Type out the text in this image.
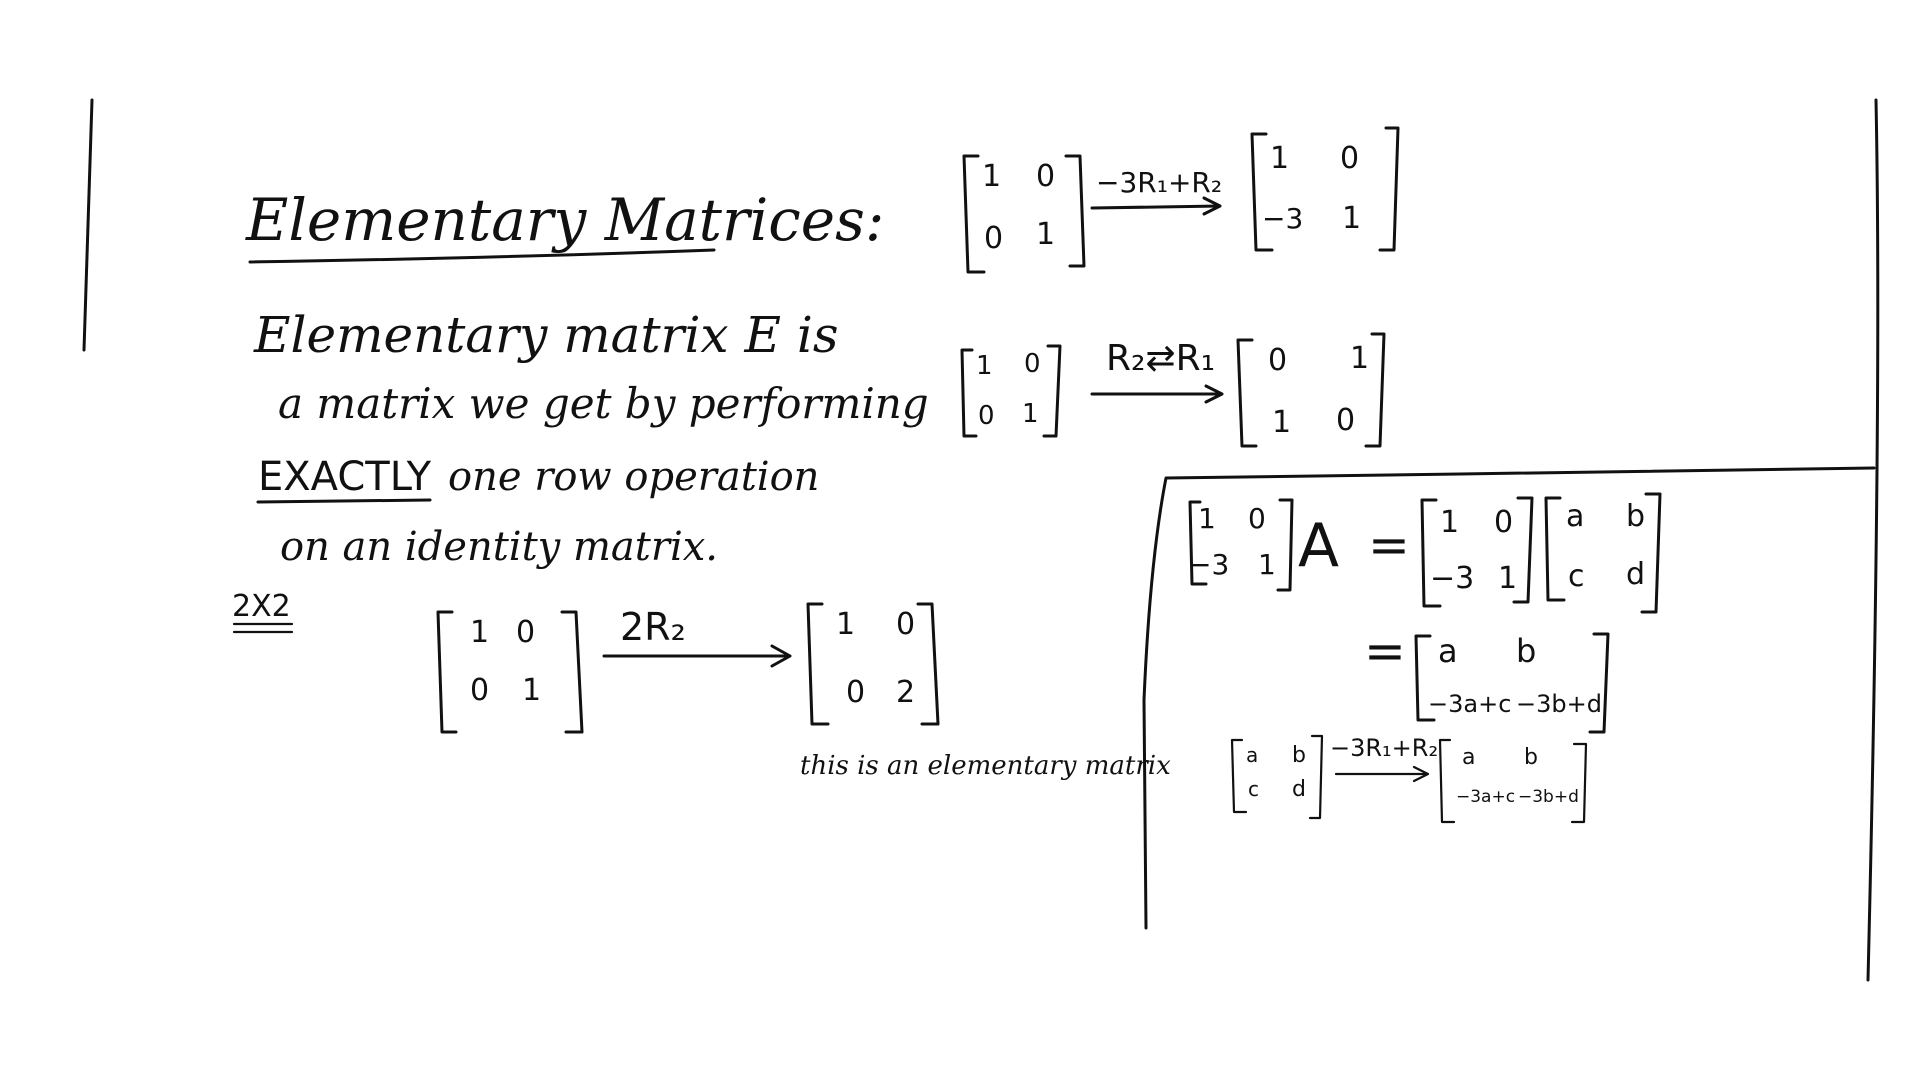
Elementary Matrices:
Elementary matrix E is
a matrix we get by performing
EXACTLY one row operation
on an identity matrix.
2X2
1 0
0 1
2R₂	1 0
0 2
this is an elementary matrix
1 0
0 1
−3R₁+R₂
1 0
−3 1
1 0
0 1
R₂⇄R₁ 0 1
1 0
1 0
−3 1 A = 1 0
−3 1
a b
c d
= a b
−3a+c −3b+d
a b
c d
−3R₁+R₂ a b
−3a+c −3b+d
